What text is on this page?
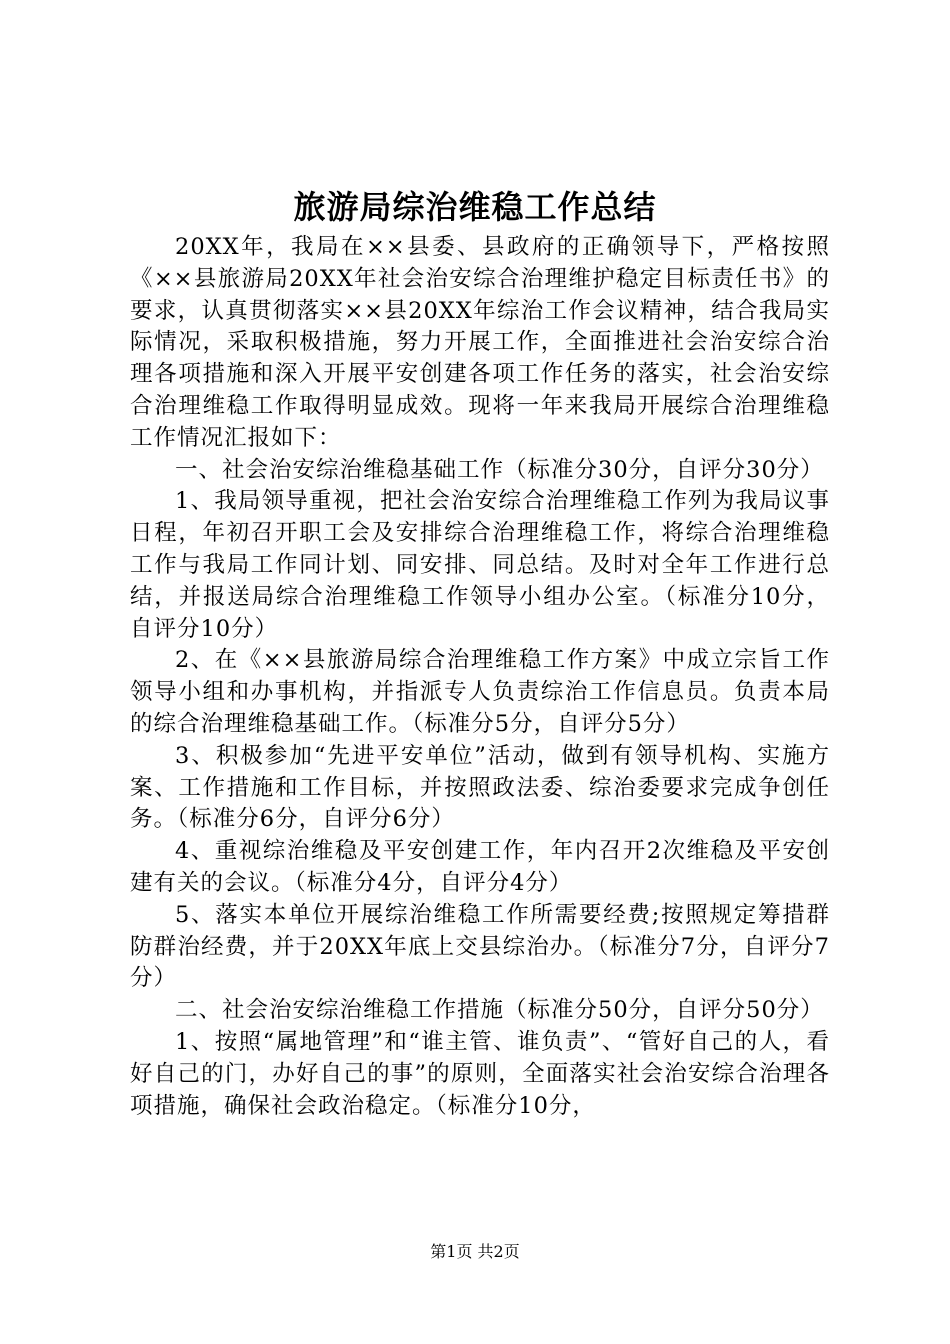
旅游局综治维稳工作总结

20XX年，我局在××县委、县政府的正确领导下，严格按照《××县旅游局20XX年社会治安综合治理维护稳定目标责任书》的要求，认真贯彻落实××县20XX年综治工作会议精神，结合我局实际情况，采取积极措施，努力开展工作，全面推进社会治安综合治理各项措施和深入开展平安创建各项工作任务的落实，社会治安综合治理维稳工作取得明显成效。现将一年来我局开展综合治理维稳工作情况汇报如下：

一、社会治安综治维稳基础工作（标准分30分，自评分30分）

1、我局领导重视，把社会治安综合治理维稳工作列为我局议事日程，年初召开职工会及安排综合治理维稳工作，将综合治理维稳工作与我局工作同计划、同安排、同总结。及时对全年工作进行总结，并报送局综合治理维稳工作领导小组办公室。（标准分10分，自评分10分）

2、在《××县旅游局综合治理维稳工作方案》中成立宗旨工作领导小组和办事机构，并指派专人负责综治工作信息员。负责本局的综合治理维稳基础工作。（标准分5分，自评分5分）

3、积极参加“先进平安单位”活动，做到有领导机构、实施方案、工作措施和工作目标，并按照政法委、综治委要求完成争创任务。（标准分6分，自评分6分）

4、重视综治维稳及平安创建工作，年内召开2次维稳及平安创建有关的会议。（标准分4分，自评分4分）

5、落实本单位开展综治维稳工作所需要经费;按照规定筹措群防群治经费，并于20XX年底上交县综治办。（标准分7分，自评分7分）

二、社会治安综治维稳工作措施（标准分50分，自评分50分）

1、按照“属地管理”和“谁主管、谁负责”、“管好自己的人，看好自己的门，办好自己的事”的原则，全面落实社会治安综合治理各项措施，确保社会政治稳定。（标准分10分，

第1页 共2页
